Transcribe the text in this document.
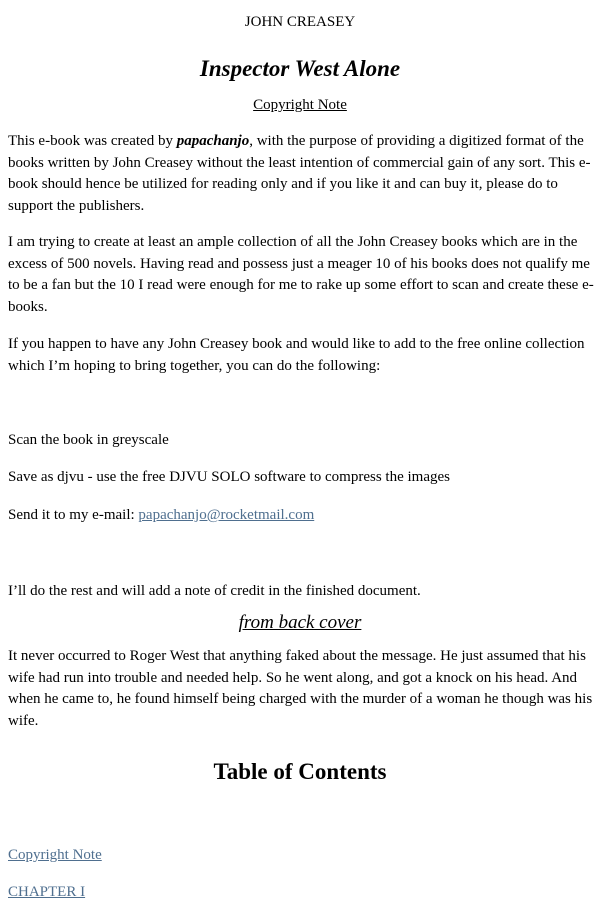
JOHN CREASEY
Inspector West Alone
Copyright Note

This e-book was created by papachanjo, with the purpose of providing a digitized format of the books written by John Creasey without the least intention of commercial gain of any sort. This e-book should hence be utilized for reading only and if you like it and can buy it, please do to support the publishers.

I am trying to create at least an ample collection of all the John Creasey books which are in the excess of 500 novels. Having read and possess just a meager 10 of his books does not qualify me to be a fan but the 10 I read were enough for me to rake up some effort to scan and create these e-books.

If you happen to have any John Creasey book and would like to add to the free online collection which I’m hoping to bring together, you can do the following:

Scan the book in greyscale
Save as djvu - use the free DJVU SOLO software to compress the images
Send it to my e-mail: papachanjo@rocketmail.com
I’ll do the rest and will add a note of credit in the finished document.
from back cover

It never occurred to Roger West that anything faked about the message. He just assumed that his wife had run into trouble and needed help. So he went along, and got a knock on his head. And when he came to, he found himself being charged with the murder of a woman he though was his wife.

Table of Contents
Copyright Note
CHAPTER I
